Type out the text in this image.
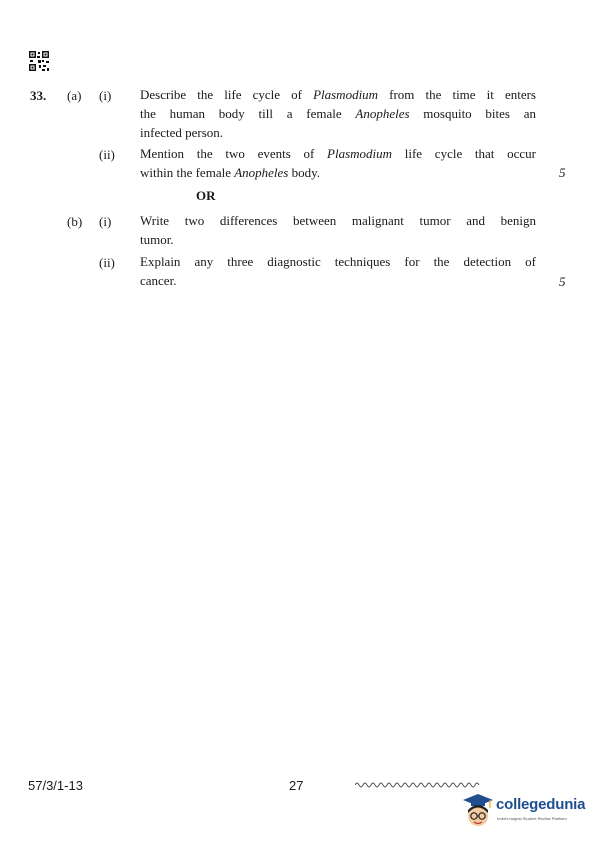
33. (a) (i) Describe the life cycle of Plasmodium from the time it enters
the human body till a female Anopheles mosquito bites an
infected person.
(ii) Mention the two events of Plasmodium life cycle that occur
within the female Anopheles body.	5
OR
(b) (i) Write two differences between malignant tumor and benign
tumor.
(ii) Explain any three diagnostic techniques for the detection of
cancer.	5
57/3/1-13	27
collegedunia
India's largest Student Review Platform
